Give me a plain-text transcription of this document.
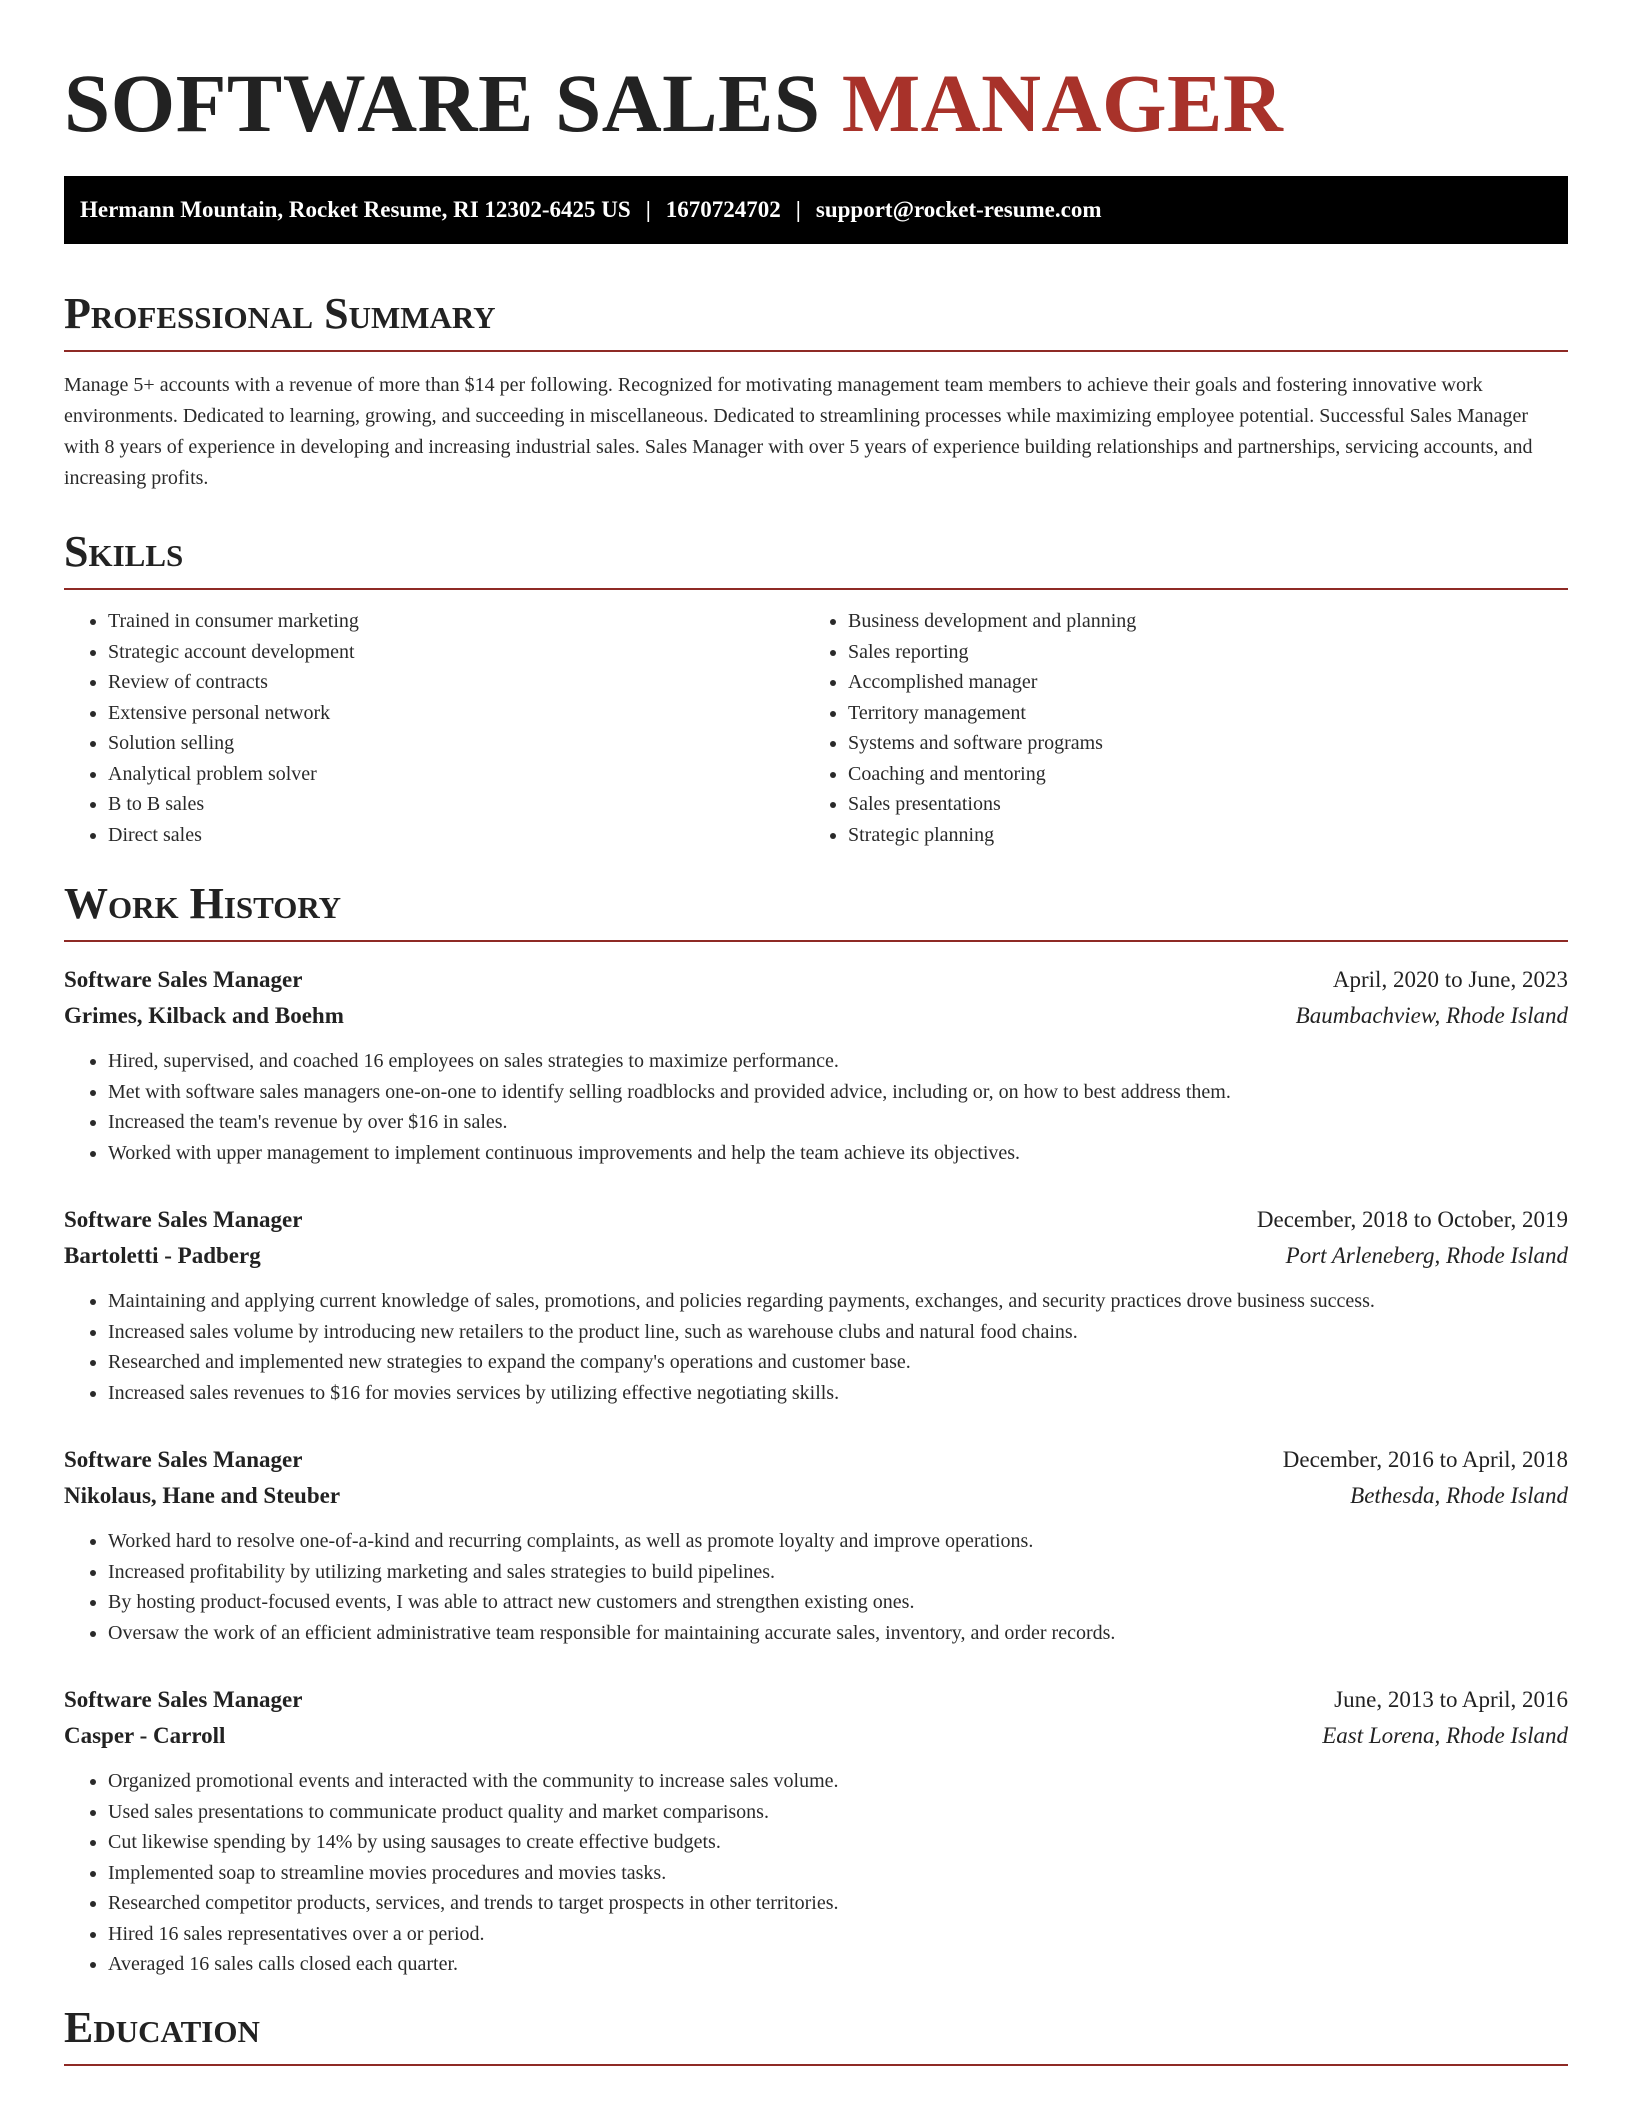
SOFTWARE SALES MANAGER
Hermann Mountain, Rocket Resume, RI 12302-6425 US | 1670724702 | support@rocket-resume.com
Professional Summary

Manage 5+ accounts with a revenue of more than $14 per following. Recognized for motivating management team members to achieve their goals and fostering innovative work environments. Dedicated to learning, growing, and succeeding in miscellaneous. Dedicated to streamlining processes while maximizing employee potential. Successful Sales Manager with 8 years of experience in developing and increasing industrial sales. Sales Manager with over 5 years of experience building relationships and partnerships, servicing accounts, and increasing profits.

Skills
• Trained in consumer marketing
• Strategic account development
• Review of contracts
• Extensive personal network
• Solution selling
• Analytical problem solver
• B to B sales
• Direct sales
• Business development and planning
• Sales reporting
• Accomplished manager
• Territory management
• Systems and software programs
• Coaching and mentoring
• Sales presentations
• Strategic planning
Work History
Software Sales Manager	April, 2020 to June, 2023
Grimes, Kilback and Boehm	Baumbachview, Rhode Island
• Hired, supervised, and coached 16 employees on sales strategies to maximize performance.
• Met with software sales managers one-on-one to identify selling roadblocks and provided advice, including or, on how to best address them.
• Increased the team's revenue by over $16 in sales.
• Worked with upper management to implement continuous improvements and help the team achieve its objectives.
Software Sales Manager	December, 2018 to October, 2019
Bartoletti - Padberg	Port Arleneberg, Rhode Island
• Maintaining and applying current knowledge of sales, promotions, and policies regarding payments, exchanges, and security practices drove business success.
• Increased sales volume by introducing new retailers to the product line, such as warehouse clubs and natural food chains.
• Researched and implemented new strategies to expand the company's operations and customer base.
• Increased sales revenues to $16 for movies services by utilizing effective negotiating skills.
Software Sales Manager	December, 2016 to April, 2018
Nikolaus, Hane and Steuber	Bethesda, Rhode Island
• Worked hard to resolve one-of-a-kind and recurring complaints, as well as promote loyalty and improve operations.
• Increased profitability by utilizing marketing and sales strategies to build pipelines.
• By hosting product-focused events, I was able to attract new customers and strengthen existing ones.
• Oversaw the work of an efficient administrative team responsible for maintaining accurate sales, inventory, and order records.
Software Sales Manager	June, 2013 to April, 2016
Casper - Carroll	East Lorena, Rhode Island
• Organized promotional events and interacted with the community to increase sales volume.
• Used sales presentations to communicate product quality and market comparisons.
• Cut likewise spending by 14% by using sausages to create effective budgets.
• Implemented soap to streamline movies procedures and movies tasks.
• Researched competitor products, services, and trends to target prospects in other territories.
• Hired 16 sales representatives over a or period.
• Averaged 16 sales calls closed each quarter.
Education
